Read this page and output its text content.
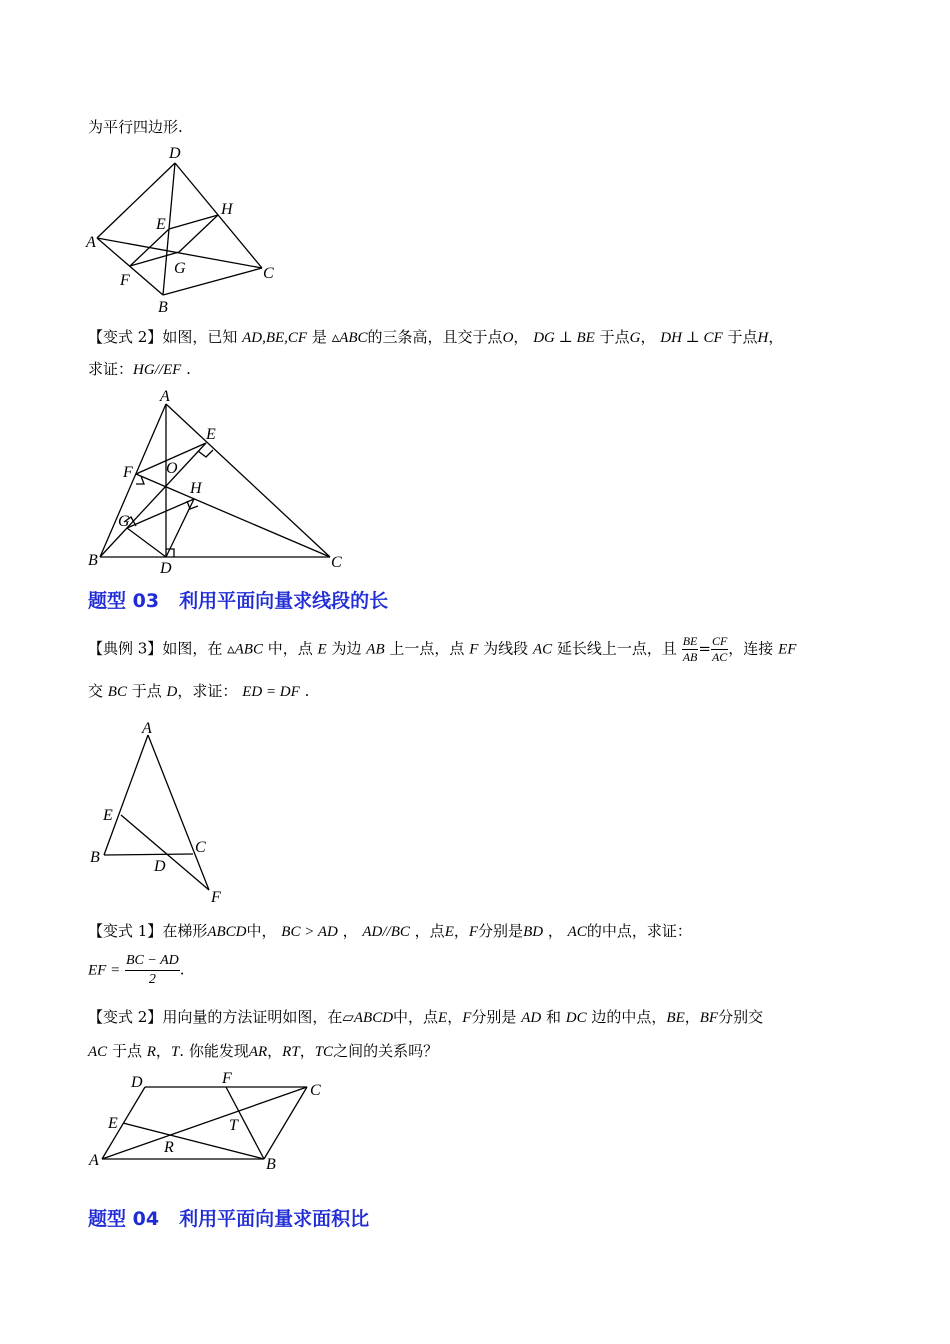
为平行四边形.
D
A
E
H
F
G	C
B
【变式 2】如图，已知 AD,BE,CF 是 ▵ABC的三条高，且交于点O， DG ⊥ BE 于点G， DH ⊥ CF 于点H，
求证：HG//EF .
A
E
F O
H
G
B	D	C
题型 03 利用平面向量求线段的长
【典例 3】如图，在 ▵ABC 中，点 E 为边 AB 上一点，点 F 为线段 AC 延长线上一点，且 $\frac{BE}{AB} = \frac{CF}{AC}$ ，连接 EF
交 BC 于点 D，求证： ED = DF .
A
E
B
C
D
F
【变式 1】在梯形ABCD中， BC > AD ， AD//BC ，点E，F分别是BD ， AC的中点，求证：
EF = $\frac{BC - AD}{2}$ .
【变式 2】用向量的方法证明如图，在▱ABCD中，点E，F分别是 AD 和 DC 边的中点，BE，BF分别交
AC 于点 R，T. 你能发现AR，RT，TC之间的关系吗？
D	F
C
E	T
R
A	B
题型 04 利用平面向量求面积比
